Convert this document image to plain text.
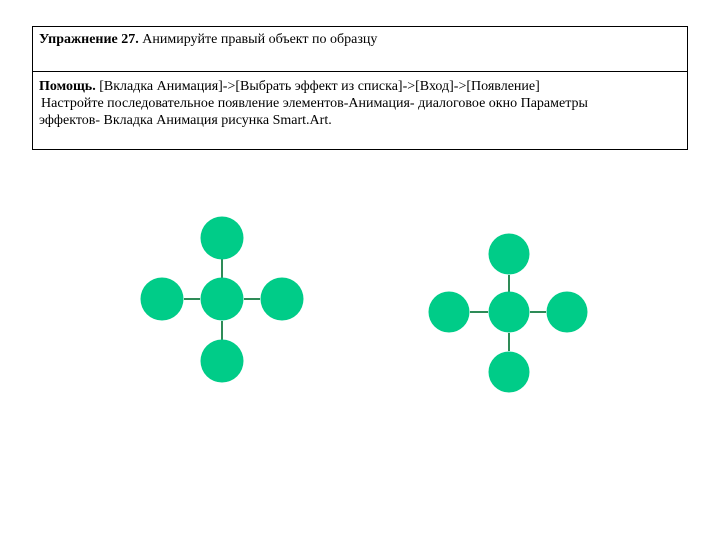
Упражнение 27. Анимируйте правый объект по образцу
Помощь. [Вкладка Анимация]->[Выбрать эффект из списка]->[Вход]->[Появление]
Настройте последовательное появление элементов-Анимация- диалоговое окно Параметры
эффектов- Вкладка Анимация рисунка Smart.Art.
